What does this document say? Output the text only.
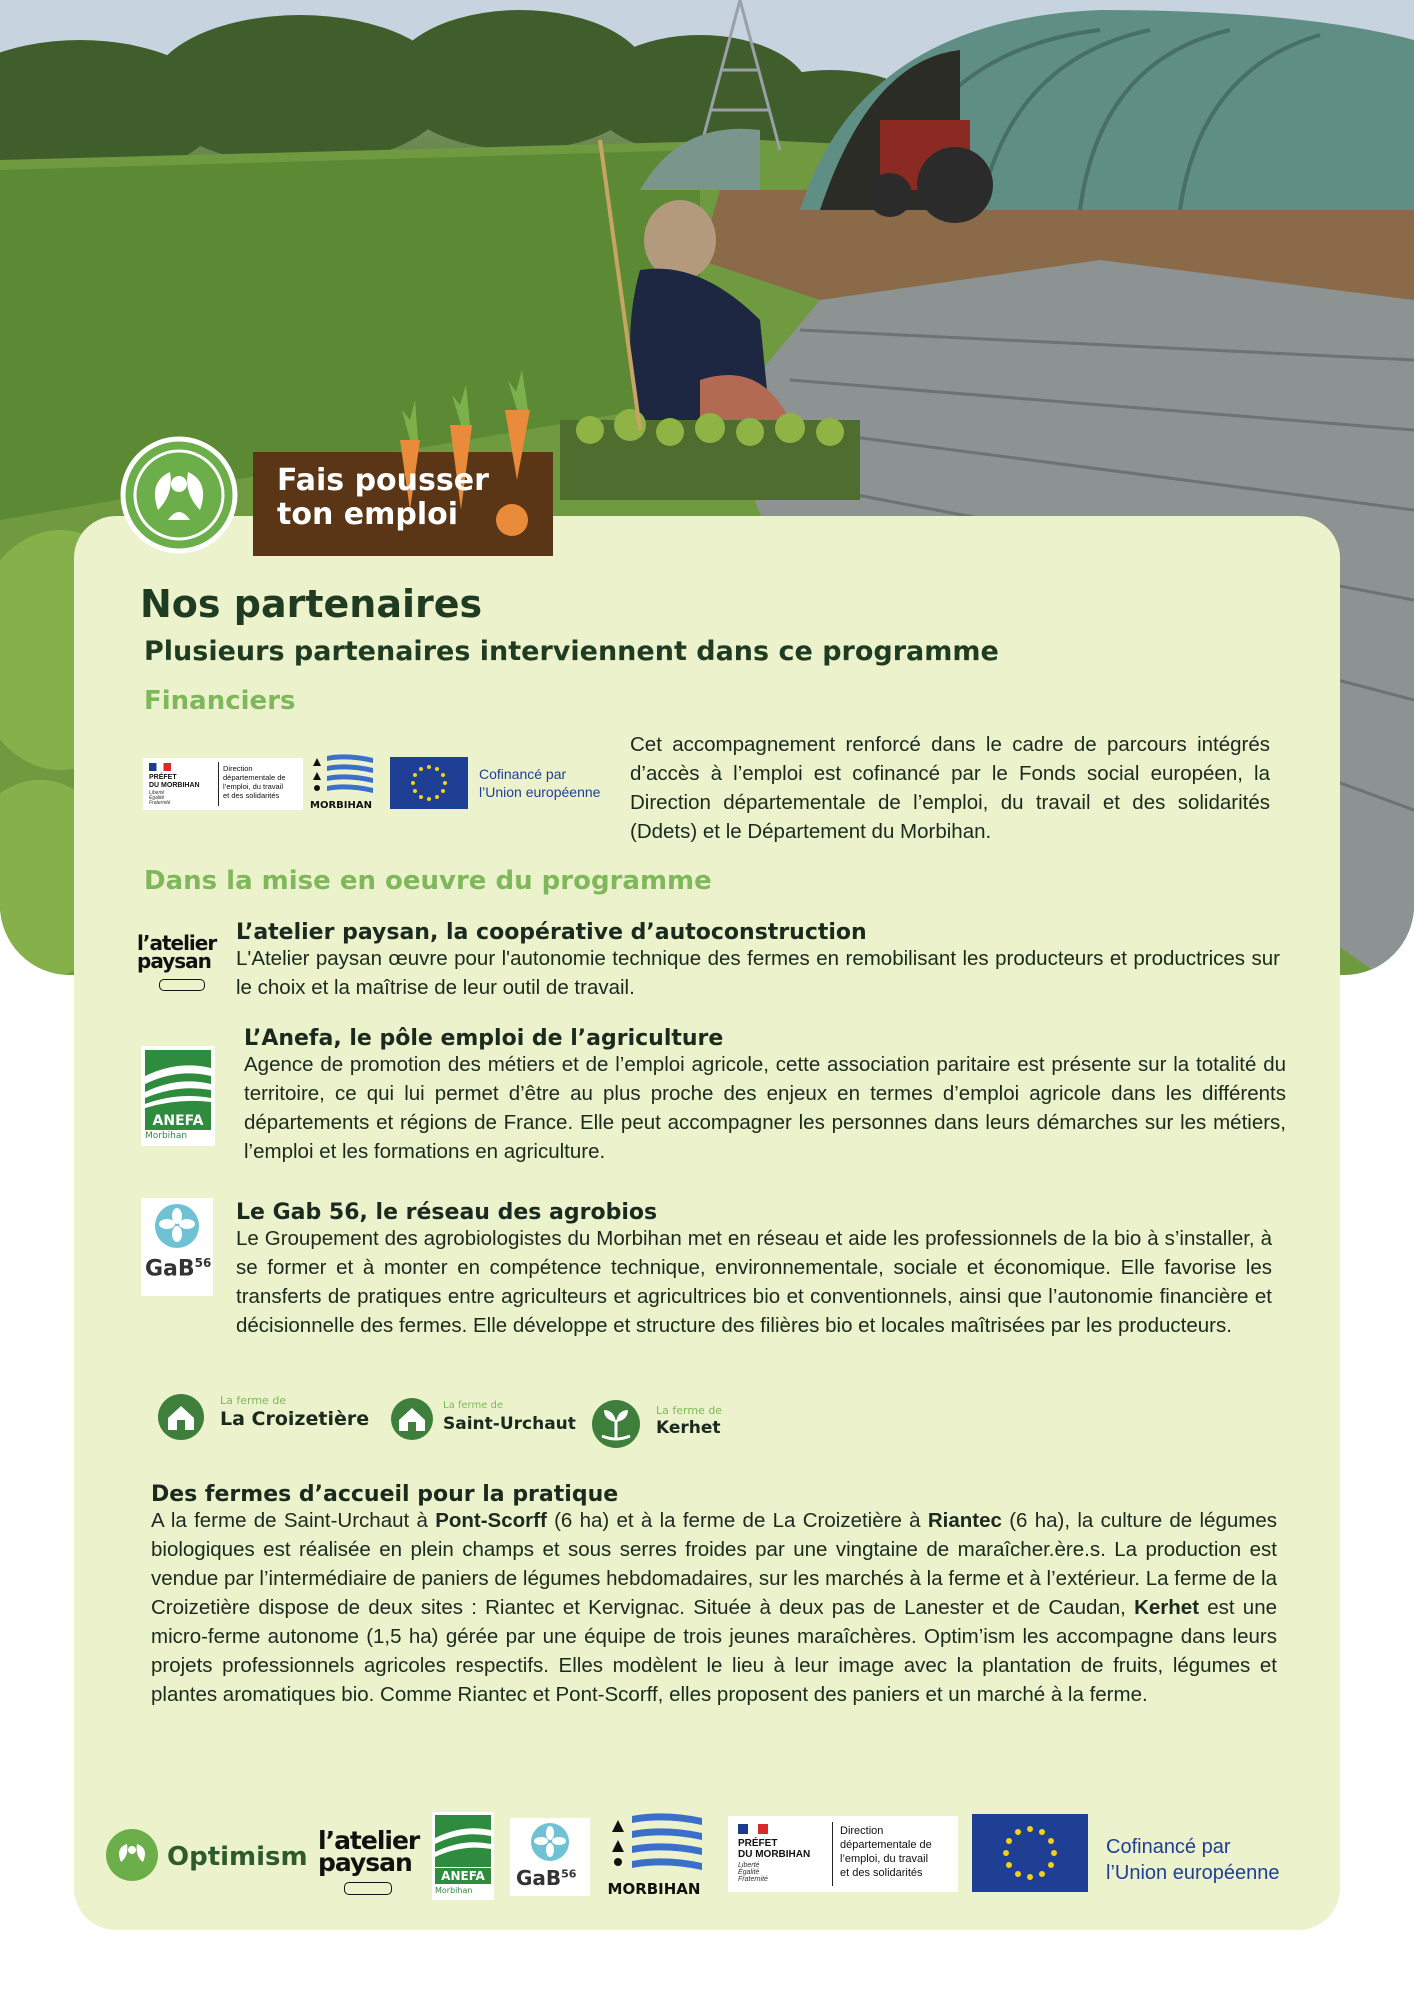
Fais pousser
ton emploi
Nos partenaires
Plusieurs partenaires interviennent dans ce programme
Financiers
PRÉFET
DU MORBIHAN
Liberté
Égalité
Fraternité
Direction
départementale de
l’emploi, du travail
et des solidarités
MORBIHAN
Cofinancé par
l’Union européenne
Cet accompagnement renforcé dans le cadre de parcours intégrés d’accès à l’emploi est cofinancé par le Fonds social européen, la Direction départementale de l’emploi, du travail et des solidarités (Ddets) et le Département du Morbihan.
Dans la mise en oeuvre du programme
l’atelier
paysan
L’atelier paysan, la coopérative d’autoconstruction
L'Atelier paysan œuvre pour l'autonomie technique des fermes en remobilisant les producteurs et productrices sur le choix et la maîtrise de leur outil de travail.
ANEFA
Morbihan
L’Anefa, le pôle emploi de l’agriculture
Agence de promotion des métiers et de l’emploi agricole, cette association paritaire est présente sur la totalité du territoire, ce qui lui permet d’être au plus proche des enjeux en termes d’emploi agricole dans les différents départements et régions de France. Elle peut accompagner les personnes dans leurs démarches sur les métiers, l’emploi et les formations en agriculture.
GaB$^{56}$
Le Gab 56, le réseau des agrobios
Le Groupement des agrobiologistes du Morbihan met en réseau et aide les professionnels de la bio à s’installer, à se former et à monter en compétence technique, environnementale, sociale et économique. Elle favorise les transferts de pratiques entre agriculteurs et agricultrices bio et conventionnels, ainsi que l’autonomie financière et décisionnelle des fermes. Elle développe et structure des filières bio et locales maîtrisées par les producteurs.
La ferme de
La Croizetière
La ferme de
Saint-Urchaut
La ferme de
Kerhet
Des fermes d’accueil pour la pratique
A la ferme de Saint-Urchaut à Pont-Scorff (6 ha) et à la ferme de La Croizetière à Riantec (6 ha), la culture de légumes biologiques est réalisée en plein champs et sous serres froides par une vingtaine de maraîcher.ère.s. La production est vendue par l’intermédiaire de paniers de légumes hebdomadaires, sur les marchés à la ferme et à l’extérieur. La ferme de la Croizetière dispose de deux sites : Riantec et Kervignac. Située à deux pas de Lanester et de Caudan, Kerhet est une micro-ferme autonome (1,5 ha) gérée par une équipe de trois jeunes maraîchères. Optim’ism les accompagne dans leurs projets professionnels agricoles respectifs. Elles modèlent le lieu à leur image avec la plantation de fruits, légumes et plantes aromatiques bio. Comme Riantec et Pont-Scorff, elles proposent des paniers et un marché à la ferme.
Optimism
l’atelier
paysan	ANEFA
Morbihan
GaB$^{56}$
MORBIHAN
PRÉFET
DU MORBIHAN
Liberté
Égalité
Fraternité
Direction
départementale de
l’emploi, du travail
et des solidarités
Cofinancé par
l’Union européenne
